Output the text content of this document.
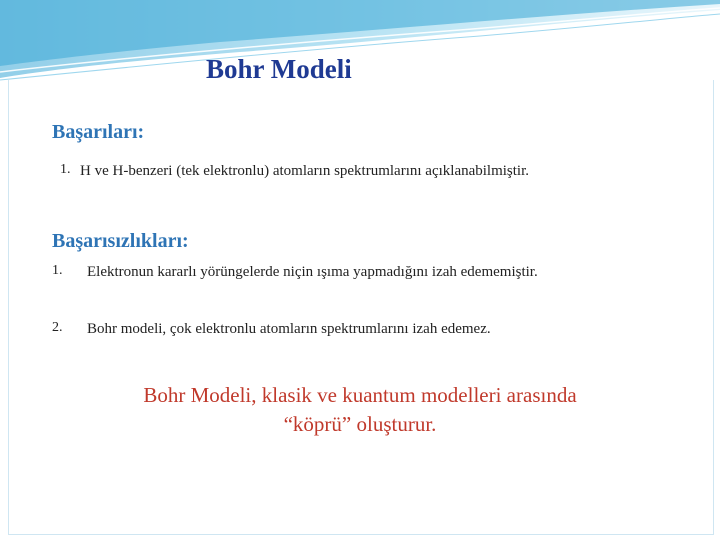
Bohr Modeli
Başarıları:
1. H ve H-benzeri (tek elektronlu) atomların spektrumlarını açıklanabilmiştir.

Başarısızlıkları:
1. Elektronun kararlı yörüngelerde niçin ışıma yapmadığını izah edememiştir.

2. Bohr modeli, çok elektronlu atomların spektrumlarını izah edemez.

Bohr Modeli, klasik ve kuantum modelleri arasında
“köprü” oluşturur.
